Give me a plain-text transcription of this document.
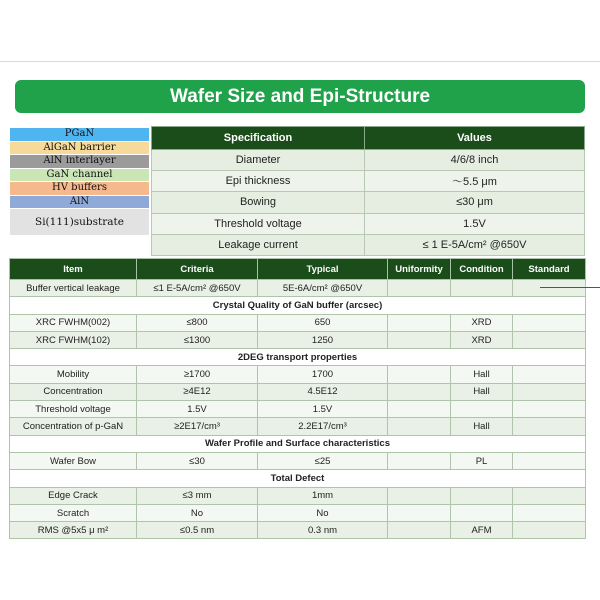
Wafer Size and Epi-Structure
PGaN
AlGaN barrier
AlN interlayer
GaN channel
HV buffers
AlN
Si(111)substrate
Specification	Values
Diameter	4/6/8 inch
Epi thickness	～5.5 μm
Bowing	≤30 μm
Threshold voltage	1.5V
Leakage current	≤ 1 E-5A/cm² @650V
Item	Criteria	Typical	Uniformity	Condition	Standard
Buffer vertical leakage	≤1 E-5A/cm² @650V	5E-6A/cm² @650V			
Crystal Quality of GaN buffer (arcsec)					
XRC FWHM(002)	≤800	650		XRD	
XRC FWHM(102)	≤1300	1250		XRD	
2DEG transport properties					
Mobility	≥1700	1700		Hall	
Concentration	≥4E12	4.5E12		Hall	
Threshold voltage	1.5V	1.5V			
Concentration of p-GaN	≥2E17/cm³	2.2E17/cm³		Hall	
Wafer Profile and Surface characteristics					
Wafer Bow	≤30	≤25		PL	
Total Defect					
Edge Crack	≤3 mm	1mm			
Scratch	No	No			
RMS @5x5 μ m²	≤0.5 nm	0.3 nm		AFM	
